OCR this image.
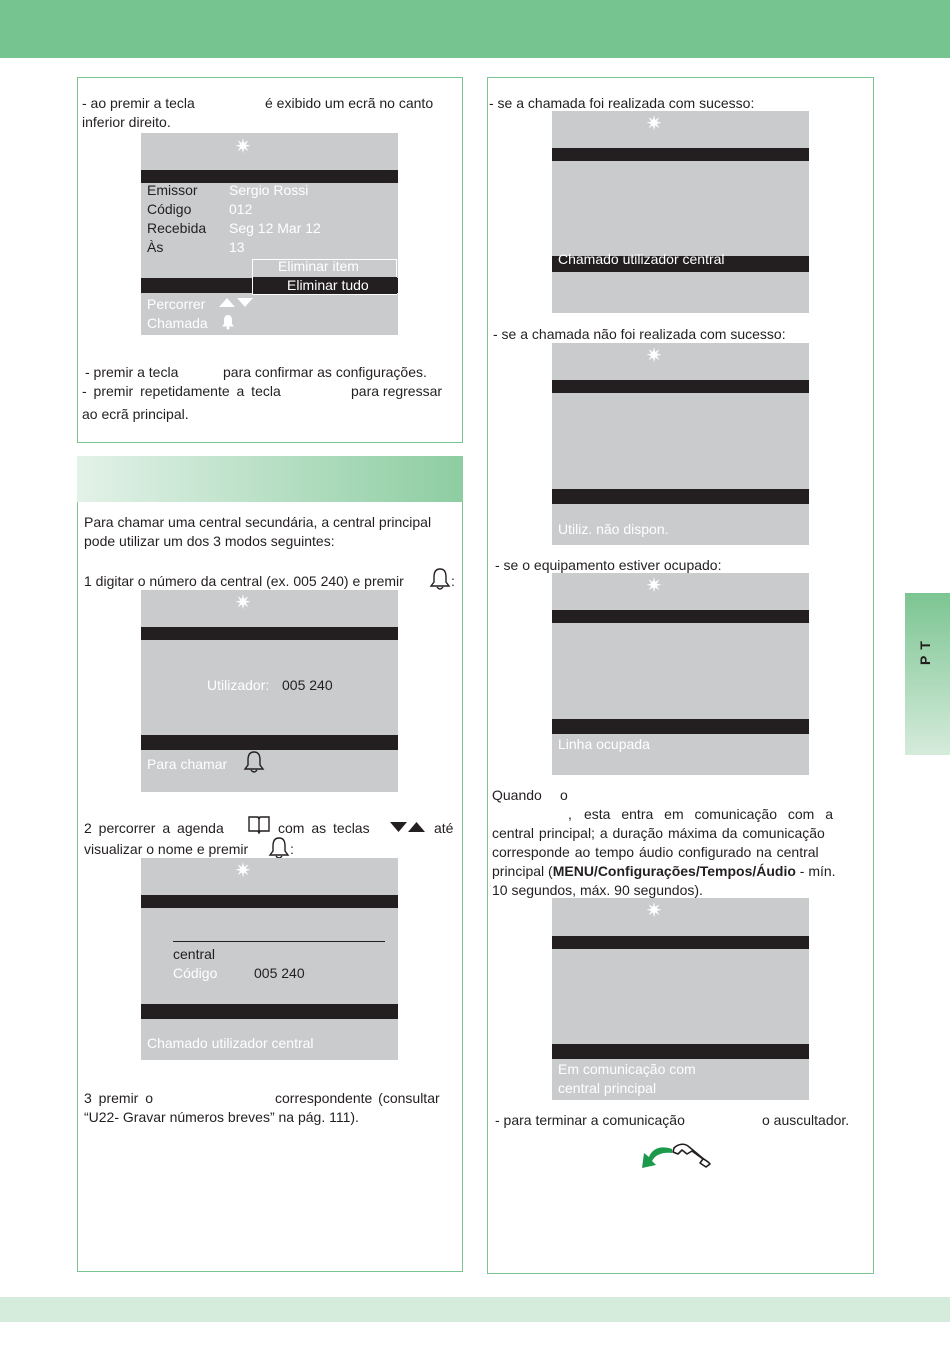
- ao premir a tecla	é exibido um ecrã no canto
inferior direito.
✷
Emissor Sergio Rossi
Código	012
Recebida Seg 12 Mar 12
Às	13
Eliminar item
Eliminar tudo
Percorrer
Chamada
- premir a tecla	para confirmar as configurações.
- premir repetidamente a tecla	para regressar
ao ecrã principal.
Para chamar uma central secundária, a central principal
pode utilizar um dos 3 modos seguintes:
1 digitar o número da central (ex. 005 240) e premir	:
✷
Utilizador: 005 240
Para chamar
2 percorrer a agenda	com as teclas	até
visualizar o nome e premir	:
✷
central
Código	005 240
Chamado utilizador central
3 premir o	correspondente (consultar
“U22- Gravar números breves” na pág. 111).
- se a chamada foi realizada com sucesso:
✷
Chamado utilizador central
- se a chamada não foi realizada com sucesso:
✷
Utiliz. não dispon.
- se o equipamento estiver ocupado:
✷
Linha ocupada
Quando o
, esta entra em comunicação com a
central principal; a duração máxima da comunicação
corresponde ao tempo áudio configurado na central
principal (MENU/Configurações/Tempos/Áudio - mín.
10 segundos, máx. 90 segundos).
✷
Em comunicação com
central principal
- para terminar a comunicação	o auscultador.
PT
